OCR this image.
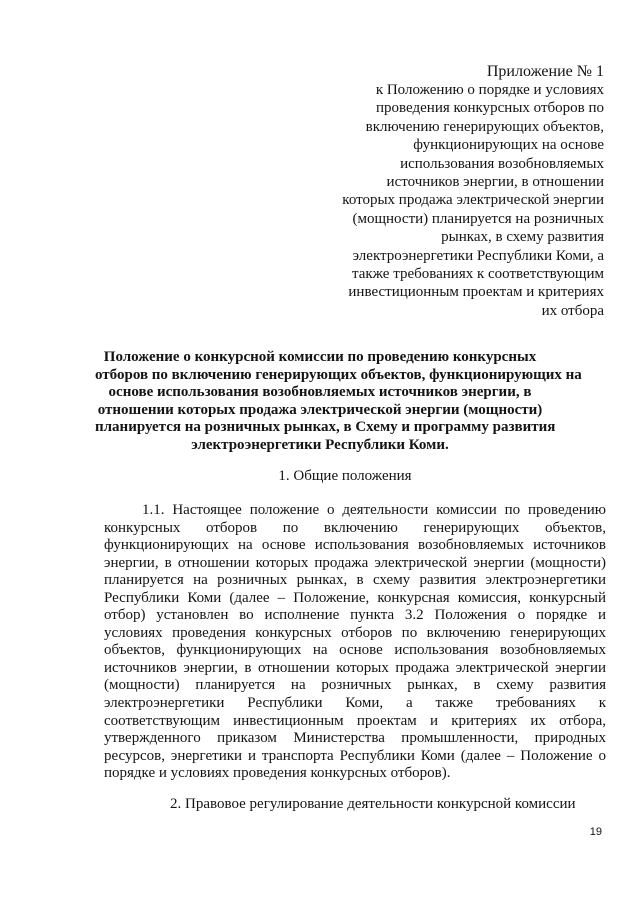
Приложение № 1
к Положению о порядке и условиях
проведения конкурсных отборов по
включению генерирующих объектов,
функционирующих на основе
использования возобновляемых
источников энергии, в отношении
которых продажа электрической энергии
(мощности) планируется на розничных
рынках, в схему развития
электроэнергетики Республики Коми, а
также требованиях к соответствующим
инвестиционным проектам и критериях
их отбора
Положение о конкурсной комиссии по проведению конкурсных
отборов по включению генерирующих объектов, функционирующих на
основе использования возобновляемых источников энергии, в
отношении которых продажа электрической энергии (мощности)
планируется на розничных рынках, в Схему и программу развития
электроэнергетики Республики Коми.
1. Общие положения
1.1. Настоящее положение о деятельности комиссии по проведению
конкурсных отборов по включению генерирующих объектов,
функционирующих на основе использования возобновляемых источников
энергии, в отношении которых продажа электрической энергии (мощности)
планируется на розничных рынках, в схему развития электроэнергетики
Республики Коми (далее – Положение, конкурсная комиссия, конкурсный
отбор) установлен во исполнение пункта 3.2 Положения о порядке и
условиях проведения конкурсных отборов по включению генерирующих
объектов, функционирующих на основе использования возобновляемых
источников энергии, в отношении которых продажа электрической энергии
(мощности) планируется на розничных рынках, в схему развития
электроэнергетики Республики Коми, а также требованиях к
соответствующим инвестиционным проектам и критериях их отбора,
утвержденного приказом Министерства промышленности, природных
ресурсов, энергетики и транспорта Республики Коми (далее – Положение о
порядке и условиях проведения конкурсных отборов).
2. Правовое регулирование деятельности конкурсной комиссии
19
